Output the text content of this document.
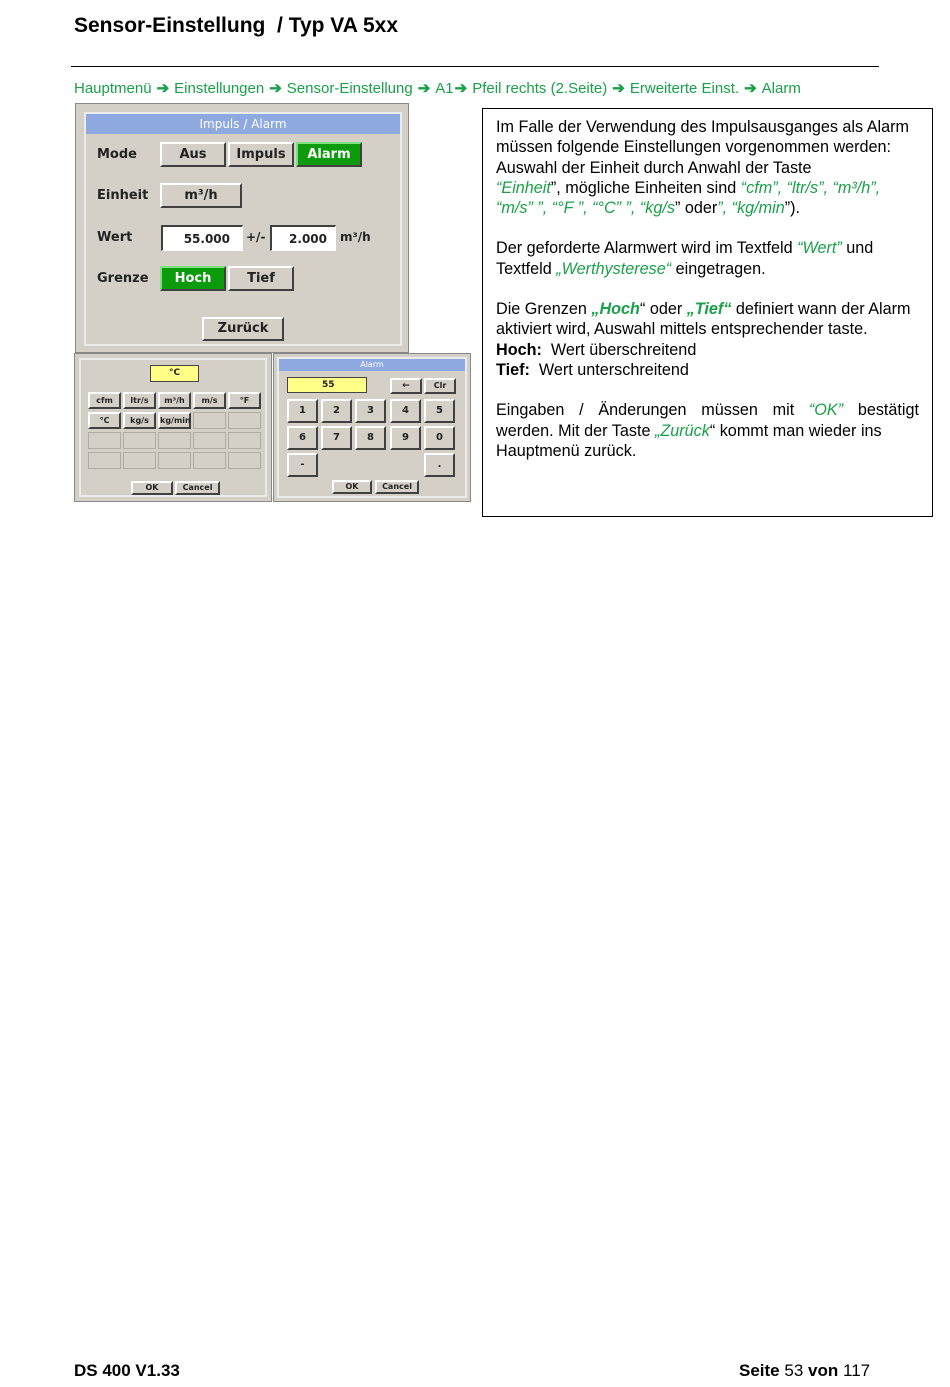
Sensor-Einstellung  / Typ VA 5xx
Hauptmenü ➔ Einstellungen ➔ Sensor-Einstellung ➔ A1➔ Pfeil rechts (2.Seite) ➔ Erweiterte Einst. ➔ Alarm
Impuls / Alarm
Mode	Aus	Impuls	Alarm
Einheit	m³/h
Wert	55.000	+/-	2.000	m³/h
Grenze	Hoch	Tief
Zurück
°C
cfm	ltr/s	m³/h	m/s	°F
°C	kg/s	kg/min
OK	Cancel
Alarm
55	←	Clr
1	2	3	4	5
6	7	8	9	0
-	.
OK	Cancel

Im Falle der Verwendung des Impulsausganges als Alarm müssen folgende Einstellungen vorgenommen werden:
Auswahl der Einheit durch Anwahl der Taste
“Einheit”, mögliche Einheiten sind “cfm”, “ltr/s”, “m³/h”,
“m/s” ”, “°F ”, “°C” ”, “kg/s” oder”, “kg/min”).

Der geforderte Alarmwert wird im Textfeld “Wert” und Textfeld „Werthysterese“ eingetragen.

Die Grenzen „Hoch“ oder „Tief“ definiert wann der Alarm aktiviert wird, Auswahl mittels entsprechender taste.

Hoch: Wert überschreitend

Tief: Wert unterschreitend

Eingaben / Änderungen müssen mit “OK” bestätigt

werden. Mit der Taste „Zurück“ kommt man wieder ins Hauptmenü zurück.

DS 400 V1.33	Seite 53 von 117
